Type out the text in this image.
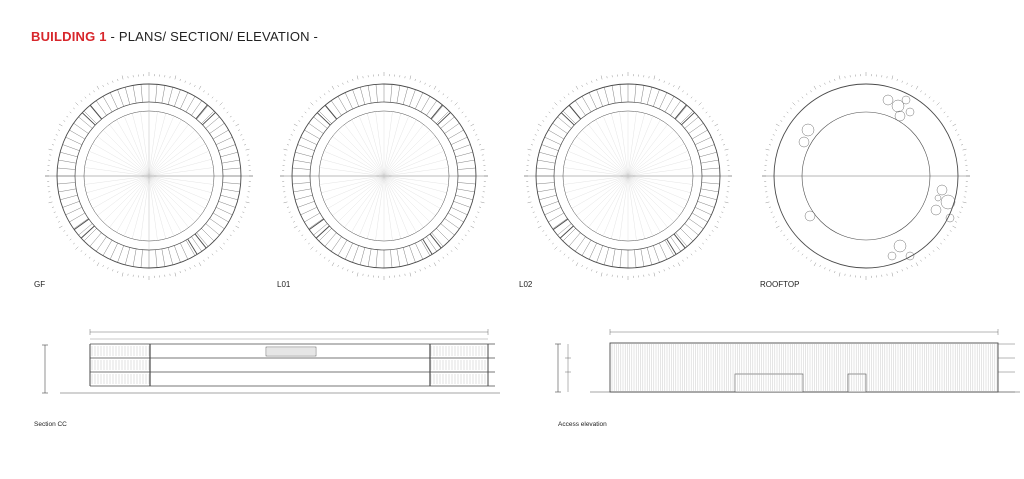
BUILDING 1 - PLANS/ SECTION/ ELEVATION -
GF	L01	L02	ROOFTOP
Section CC	Access elevation
